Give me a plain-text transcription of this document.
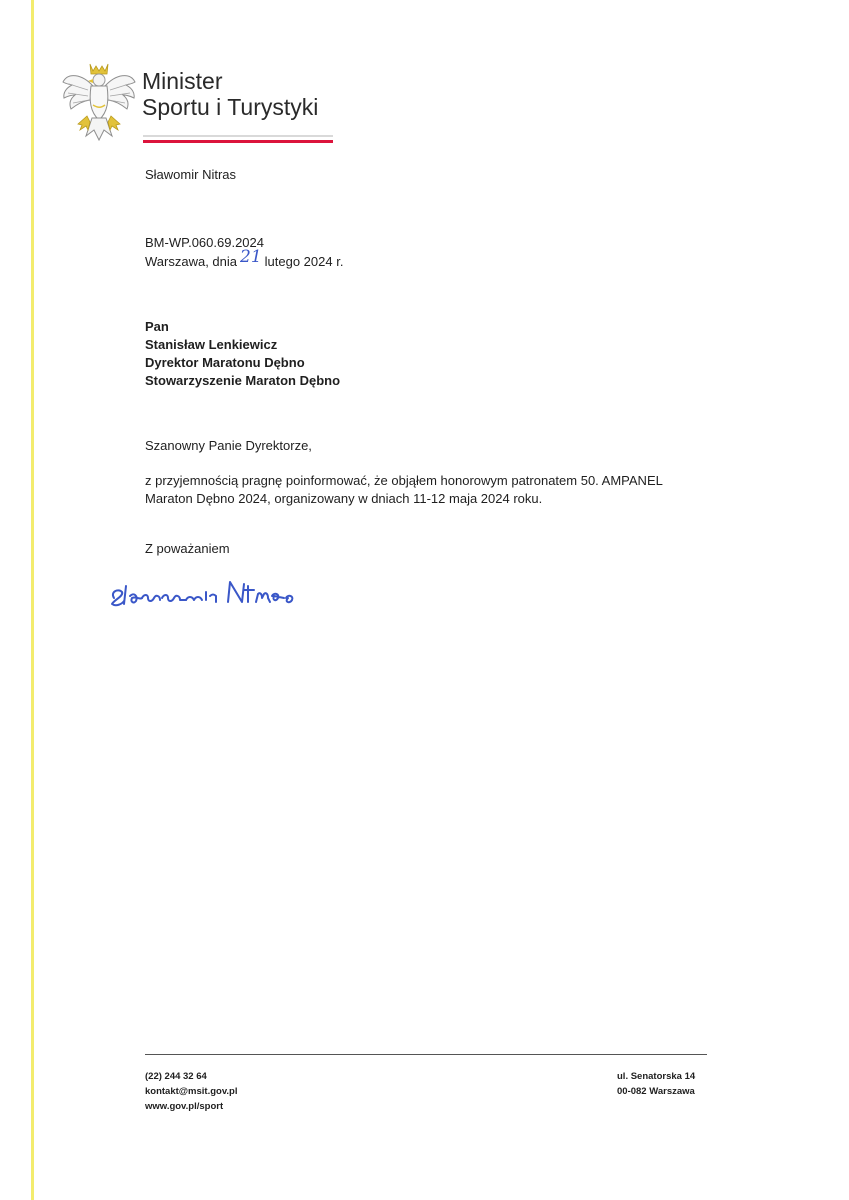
Minister
Sportu i Turystyki
Sławomir Nitras
BM-WP.060.69.2024
Warszawa, dnia 21 lutego 2024 r.
Pan
Stanisław Lenkiewicz
Dyrektor Maratonu Dębno
Stowarzyszenie Maraton Dębno
Szanowny Panie Dyrektorze,
z przyjemnością pragnę poinformować, że objąłem honorowym patronatem 50. AMPANEL
Maraton Dębno 2024, organizowany w dniach 11-12 maja 2024 roku.
Z poważaniem
(22) 244 32 64
kontakt@msit.gov.pl
www.gov.pl/sport
ul. Senatorska 14
00-082 Warszawa
